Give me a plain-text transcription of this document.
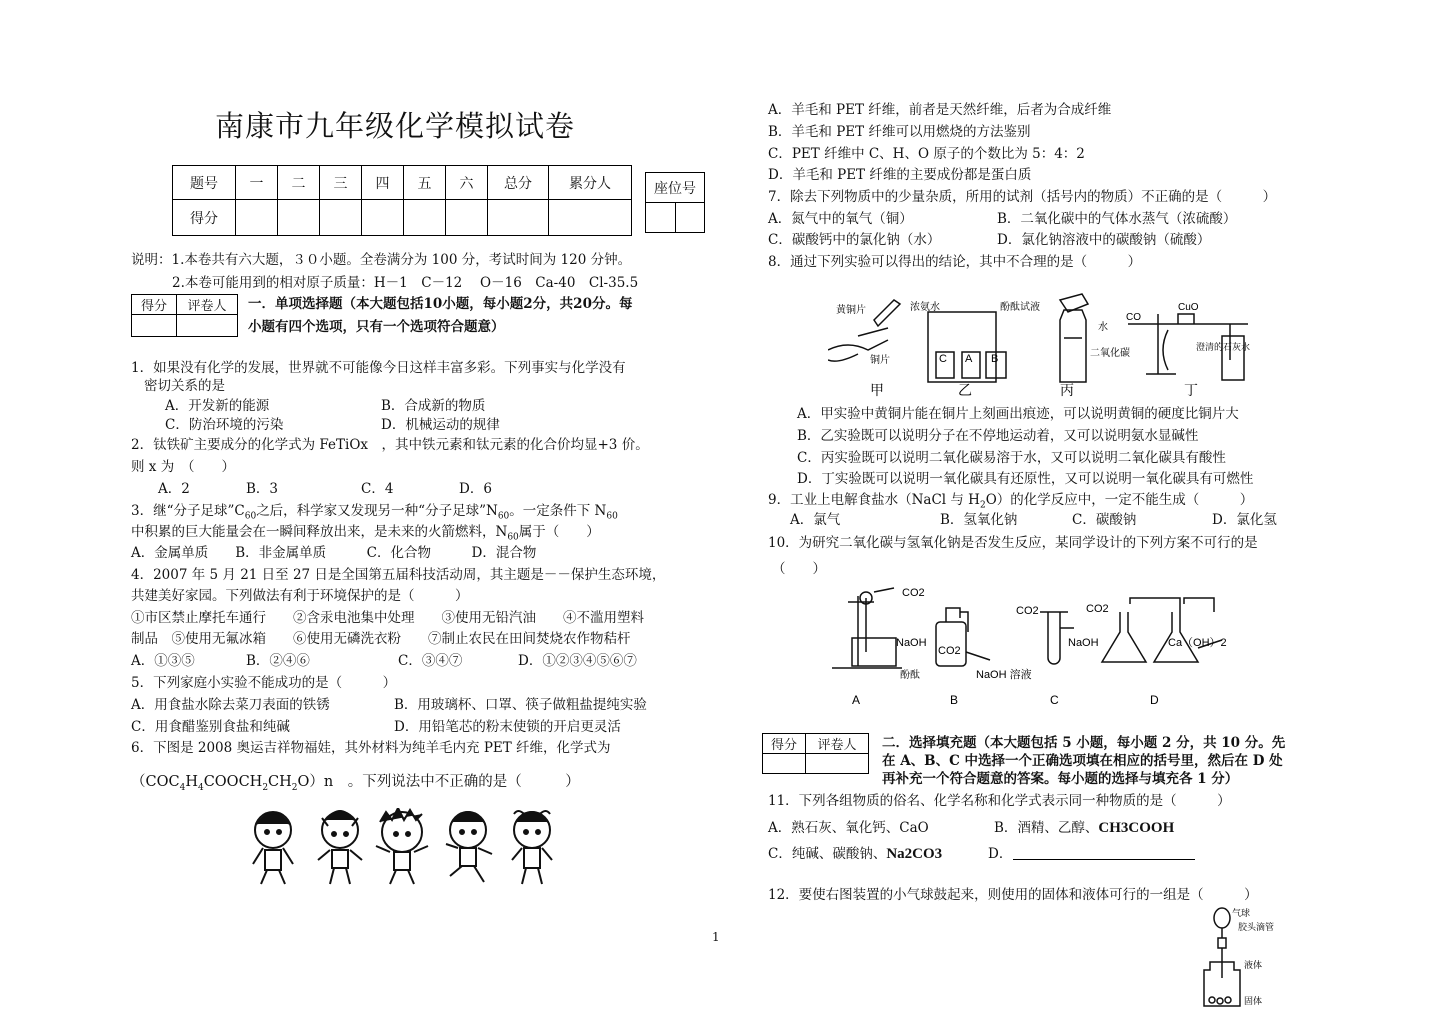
南康市九年级化学模拟试卷
题号	一	二	三	四	五	六	总分	累分人
得分								
座位号

说明：1.本卷共有六大题，３０小题。全卷满分为 100 分，考试时间为 120 分钟。
2.本卷可能用到的相对原子质量：H－1　C－12　 O－16　Ca-40　Cl-35.5
得分	评卷人
	一．单项选择题（本大题包括10小题，每小题2分，共20分。每
小题有四个选项，只有一个选项符合题意）
1．如果没有化学的发展，世界就不可能像今日这样丰富多彩。下列事实与化学没有
密切关系的是
A．开发新的能源	B．合成新的物质
C．防治环境的污染	D．机械运动的规律
2．钛铁矿主要成分的化学式为 FeTiOx　，其中铁元素和钛元素的化合价均显+3 价。
则 x 为　（　　）
A．2	B．3	C．4	D．6
3．继“分子足球$”C_{60}$之后，科学家又发现另一种“分子足球$”N_{60}$。一定条件下 $N_{60}$
中积累的巨大能量会在一瞬间释放出来，是未来的火箭燃料，$N_{60}$属于（　　）
A．金属单质　　B．非金属单质　　　C．化合物　　　D．混合物
4．2007 年 5 月 21 日至 27 日是全国第五届科技活动周，其主题是－－保护生态环境，
共建美好家园。下列做法有利于环境保护的是（　　　）
①市区禁止摩托车通行　　②含汞电池集中处理　　③使用无铅汽油　　④不滥用塑料
制品　⑤使用无氟冰箱　　⑥使用无磷洗衣粉　　⑦制止农民在田间焚烧农作物秸杆
A．①③⑤	B．②④⑥	C．③④⑦	D．①②③④⑤⑥⑦
5．下列家庭小实验不能成功的是（　　　）
A．用食盐水除去菜刀表面的铁锈	B．用玻璃杯、口罩、筷子做粗盐提纯实验
C．用食醋鉴别食盐和纯碱	D．用铅笔芯的粉末使锁的开启更灵活
6．下图是 2008 奥运吉祥物福娃，其外材料为纯羊毛内充 PET 纤维，化学式为
$(COC_4H_4COOCH_2CH_2O)n$　。下列说法中不正确的是（　　　）
1
A．羊毛和 PET 纤维，前者是天然纤维，后者为合成纤维
B．羊毛和 PET 纤维可以用燃烧的方法鉴别
C．PET 纤维中 C、H、O 原子的个数比为 5：4：2
D．羊毛和 PET 纤维的主要成份都是蛋白质
7．除去下列物质中的少量杂质，所用的试剂（括号内的物质）不正确的是（　　　）
A．氮气中的氧气（铜）	B．二氧化碳中的气体水蒸气（浓硫酸）
C．碳酸钙中的氯化钠（水）	D．氯化钠溶液中的碳酸钠（硫酸）
8．通过下列实验可以得出的结论，其中不合理的是（　　　）
黄铜片
铜片
浓氨水	酚酞试液
C A B
水
二氧化碳
CO
CuO
澄清的石灰水
甲	乙	丙	丁
A．甲实验中黄铜片能在铜片上刻画出痕迹，可以说明黄铜的硬度比铜片大
B．乙实验既可以说明分子在不停地运动着，又可以说明氨水显碱性
C．丙实验既可以说明二氧化碳易溶于水，又可以说明二氧化碳具有酸性
D．丁实验既可以说明一氧化碳具有还原性，又可以说明一氧化碳具有可燃性
9．工业上电解食盐水（NaCl 与 $H_2O$）的化学反应中，一定不能生成（　　　）
A．氯气	B．氢氧化钠	C．碳酸钠	D．氯化氢
10．为研究二氧化碳与氢氧化钠是否发生反应，某同学设计的下列方案不可行的是
（　　）
CO2
NaOH
酚酞
CO2
NaOH 溶液
CO2
NaOH
CO2
Ca（OH）2
A	B	C	D
得分	评卷人
	二．选择填充题（本大题包括 5 小题，每小题 2 分，共 10 分。先
在 A、B、C 中选择一个正确选项填在相应的括号里，然后在 D 处
再补充一个符合题意的答案。每小题的选择与填充各 1 分）
11．下列各组物质的俗名、化学名称和化学式表示同一种物质的是（　　　）
A．熟石灰、氧化钙、CaO	B．酒精、乙醇、CH3COOH
C．纯碱、碳酸钠、Na2CO3	D．
12．要使右图装置的小气球鼓起来，则使用的固体和液体可行的一组是（　　　）
气球
胶头滴管
液体
固体
